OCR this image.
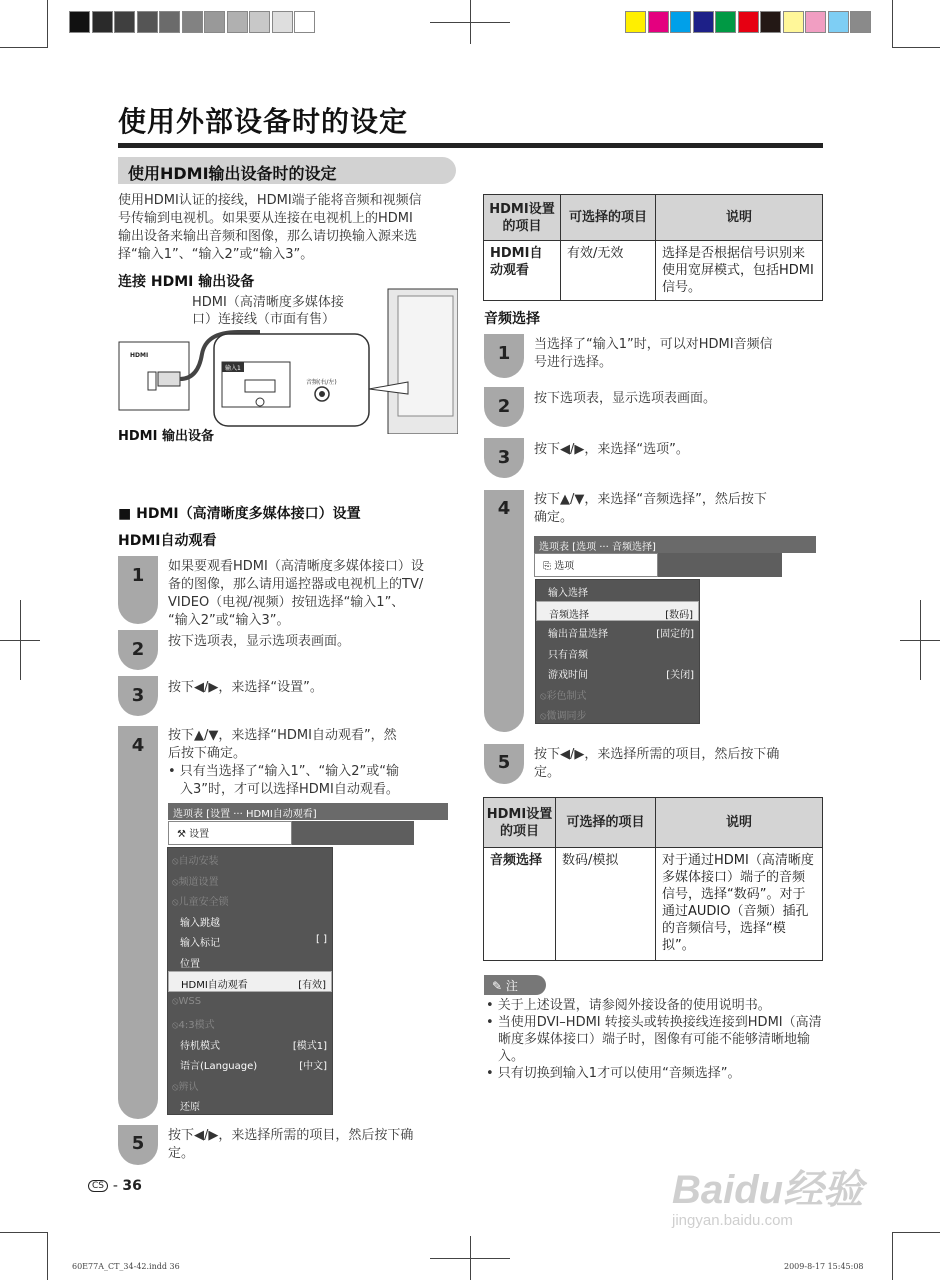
使用外部设备时的设定
使用HDMI输出设备时的设定
使用HDMI认证的接线，HDMI端子能将音频和视频信
号传输到电视机。如果要从连接在电视机上的HDMI
输出设备来输出音频和图像，那么请切换输入源来选
择“输入1”、“输入2”或“输入3”。
连接 HDMI 输出设备
HDMI（高清晰度多媒体接
口）连接线（市面有售）
HDMI
输入1
音频(右/左)
HDMI 输出设备
■ HDMI（高清晰度多媒体接口）设置
HDMI自动观看
1	如果要观看HDMI（高清晰度多媒体接口）设
备的图像，那么请用遥控器或电视机上的TV/
VIDEO（电视/视频）按钮选择“输入1”、
“输入2”或“输入3”。
2	按下选项表，显示选项表画面。
3	按下◀/▶，来选择“设置”。
4	按下▲/▼，来选择“HDMI自动观看”，然
后按下确定。
• 只有当选择了“输入1”、“输入2”或“输
入3”时，才可以选择HDMI自动观看。
5	按下◀/▶，来选择所需的项目，然后按下确
定。
选项表 [设置 ··· HDMI自动观看]
⚒ 设置
⦸自动安装
⦸频道设置
⦸儿童安全锁
输入跳越
输入标记	[ ]
位置
HDMI自动观看	[有效]
⦸WSS
⦸4:3模式
待机模式	[模式1]
语言(Language)	[中文]
⦸辨认
还原
HDMI设置的项目	可选择的项目	说明
HDMI自动观看	有效/无效	选择是否根据信号识别来使用宽屏模式，包括HDMI信号。
音频选择
1	当选择了“输入1”时，可以对HDMI音频信
号进行选择。
2	按下选项表，显示选项表画面。
3	按下◀/▶，来选择“选项”。
4	按下▲/▼，来选择“音频选择”，然后按下
确定。
5	按下◀/▶，来选择所需的项目，然后按下确
定。
选项表 [选项 ··· 音频选择]
⎘ 选项
输入选择
音频选择	[数码]
输出音量选择	[固定的]
只有音频
游戏时间	[关闭]
⦸彩色制式
⦸微调同步
HDMI设置的项目	可选择的项目	说明
音频选择	数码/模拟	对于通过HDMI（高清晰度多媒体接口）端子的音频信号，选择“数码”。对于通过AUDIO（音频）插孔的音频信号，选择“模拟”。
✎ 注
• 关于上述设置，请参阅外接设备的使用说明书。
• 当使用DVI–HDMI 转接头或转换接线连接到HDMI（高清晰度多媒体接口）端子时，图像有可能不能够清晰地输入。
• 只有切换到输入1才可以使用“音频选择”。
CS - 36	Baidu经验
jingyan.baidu.com
60E77A_CT_34-42.indd 36	2009-8-17 15:45:08
